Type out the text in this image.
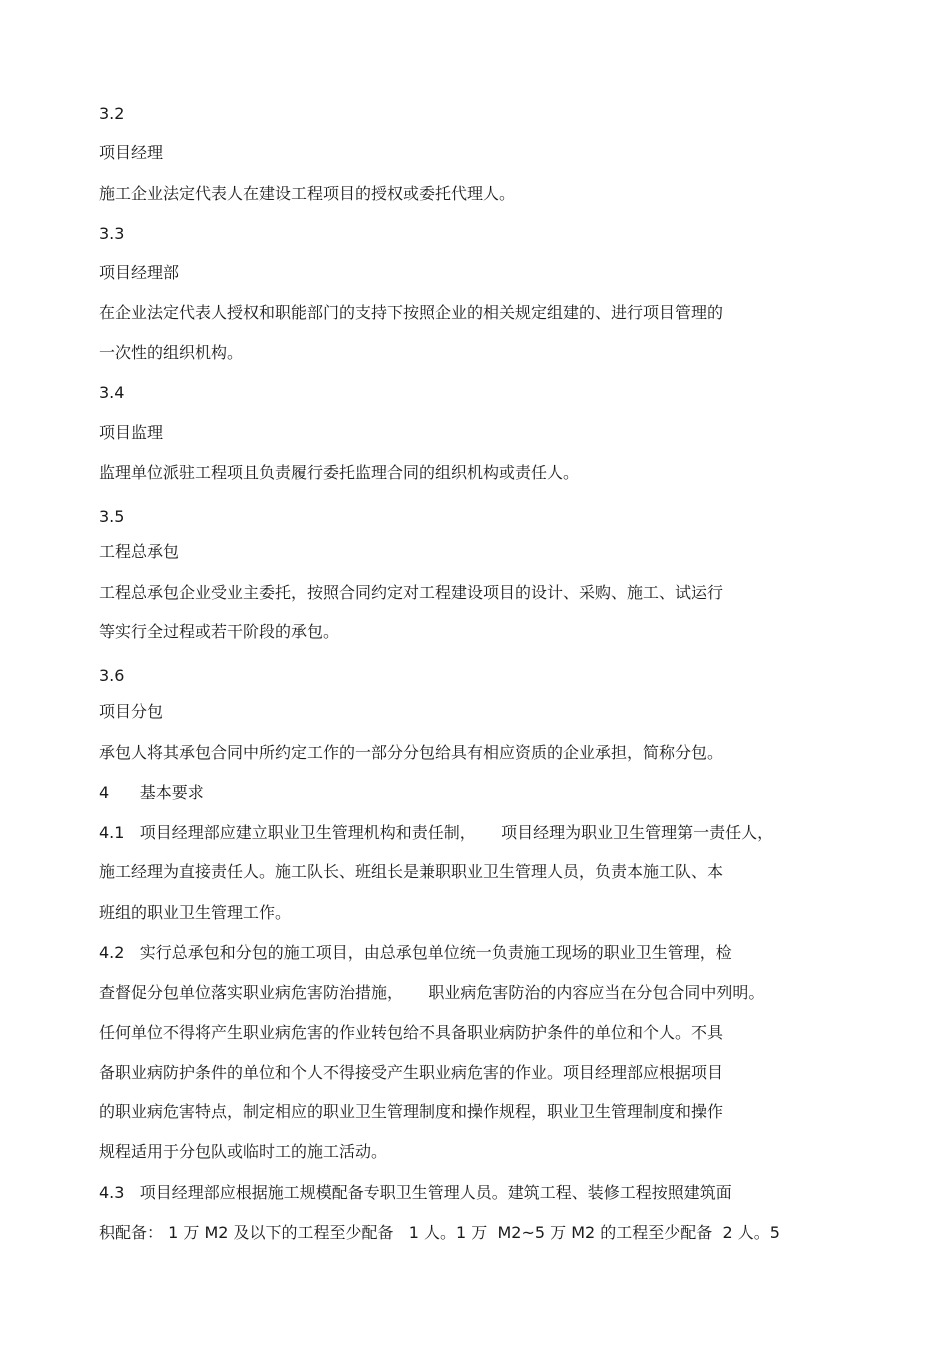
3.2
项目经理
施工企业法定代表人在建设工程项目的授权或委托代理人。
3.3
项目经理部
在企业法定代表人授权和职能部门的支持下按照企业的相关规定组建的、进行项目管理的
一次性的组织机构。
3.4
项目监理
监理单位派驻工程项且负责履行委托监理合同的组织机构或责任人。
3.5
工程总承包
工程总承包企业受业主委托，按照合同约定对工程建设项目的设计、采购、施工、试运行
等实行全过程或若干阶段的承包。
3.6
项目分包
承包人将其承包合同中所约定工作的一部分分包给具有相应资质的企业承担，简称分包。
4      基本要求
4.1   项目经理部应建立职业卫生管理机构和责任制，     项目经理为职业卫生管理第一责任人，
施工经理为直接责任人。施工队长、班组长是兼职职业卫生管理人员，负责本施工队、本
班组的职业卫生管理工作。
4.2   实行总承包和分包的施工项目，由总承包单位统一负责施工现场的职业卫生管理，检
查督促分包单位落实职业病危害防治措施，     职业病危害防治的内容应当在分包合同中列明。
任何单位不得将产生职业病危害的作业转包给不具备职业病防护条件的单位和个人。不具
备职业病防护条件的单位和个人不得接受产生职业病危害的作业。项目经理部应根据项目
的职业病危害特点，制定相应的职业卫生管理制度和操作规程，职业卫生管理制度和操作
规程适用于分包队或临时工的施工活动。
4.3   项目经理部应根据施工规模配备专职卫生管理人员。建筑工程、装修工程按照建筑面
积配备： 1 万 M2 及以下的工程至少配备   1 人。1 万  M2~5 万 M2 的工程至少配备  2 人。5
